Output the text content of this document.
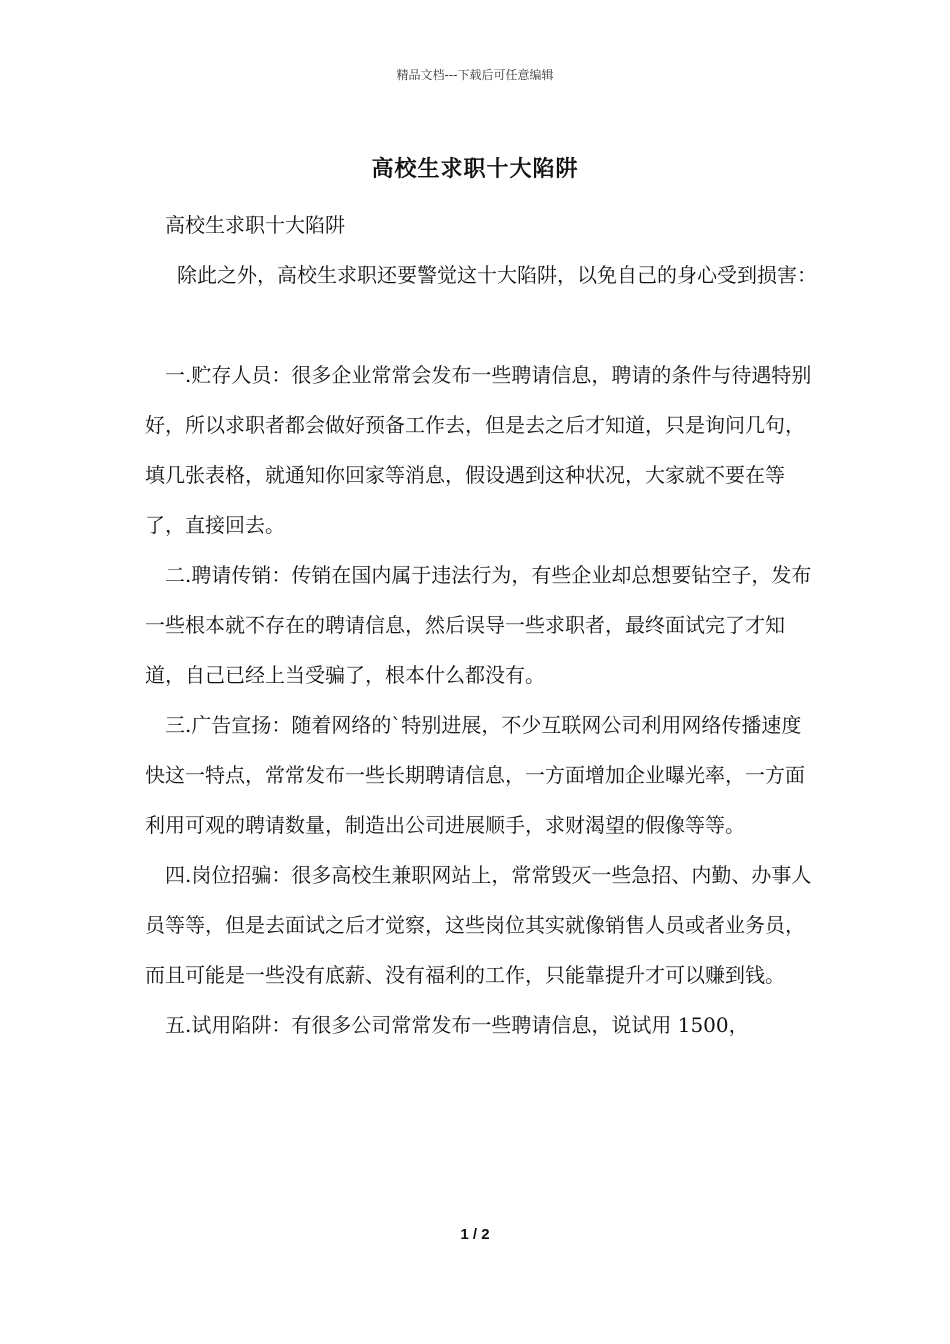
精品文档---下载后可任意编辑
高校生求职十大陷阱

高校生求职十大陷阱

除此之外，高校生求职还要警觉这十大陷阱，以免自己的身心受到损害：

一.贮存人员：很多企业常常会发布一些聘请信息，聘请的条件与待遇特别好，所以求职者都会做好预备工作去，但是去之后才知道，只是询问几句，填几张表格，就通知你回家等消息，假设遇到这种状况，大家就不要在等了，直接回去。

二.聘请传销：传销在国内属于违法行为，有些企业却总想要钻空子，发布一些根本就不存在的聘请信息，然后误导一些求职者，最终面试完了才知道，自己已经上当受骗了，根本什么都没有。

三.广告宣扬：随着网络的`特别进展，不少互联网公司利用网络传播速度快这一特点，常常发布一些长期聘请信息，一方面增加企业曝光率，一方面利用可观的聘请数量，制造出公司进展顺手，求财渴望的假像等等。

四.岗位招骗：很多高校生兼职网站上，常常毁灭一些急招、内勤、办事人员等等，但是去面试之后才觉察，这些岗位其实就像销售人员或者业务员，而且可能是一些没有底薪、没有福利的工作，只能靠提升才可以赚到钱。

五.试用陷阱：有很多公司常常发布一些聘请信息，说试用 1500，

1 / 2
